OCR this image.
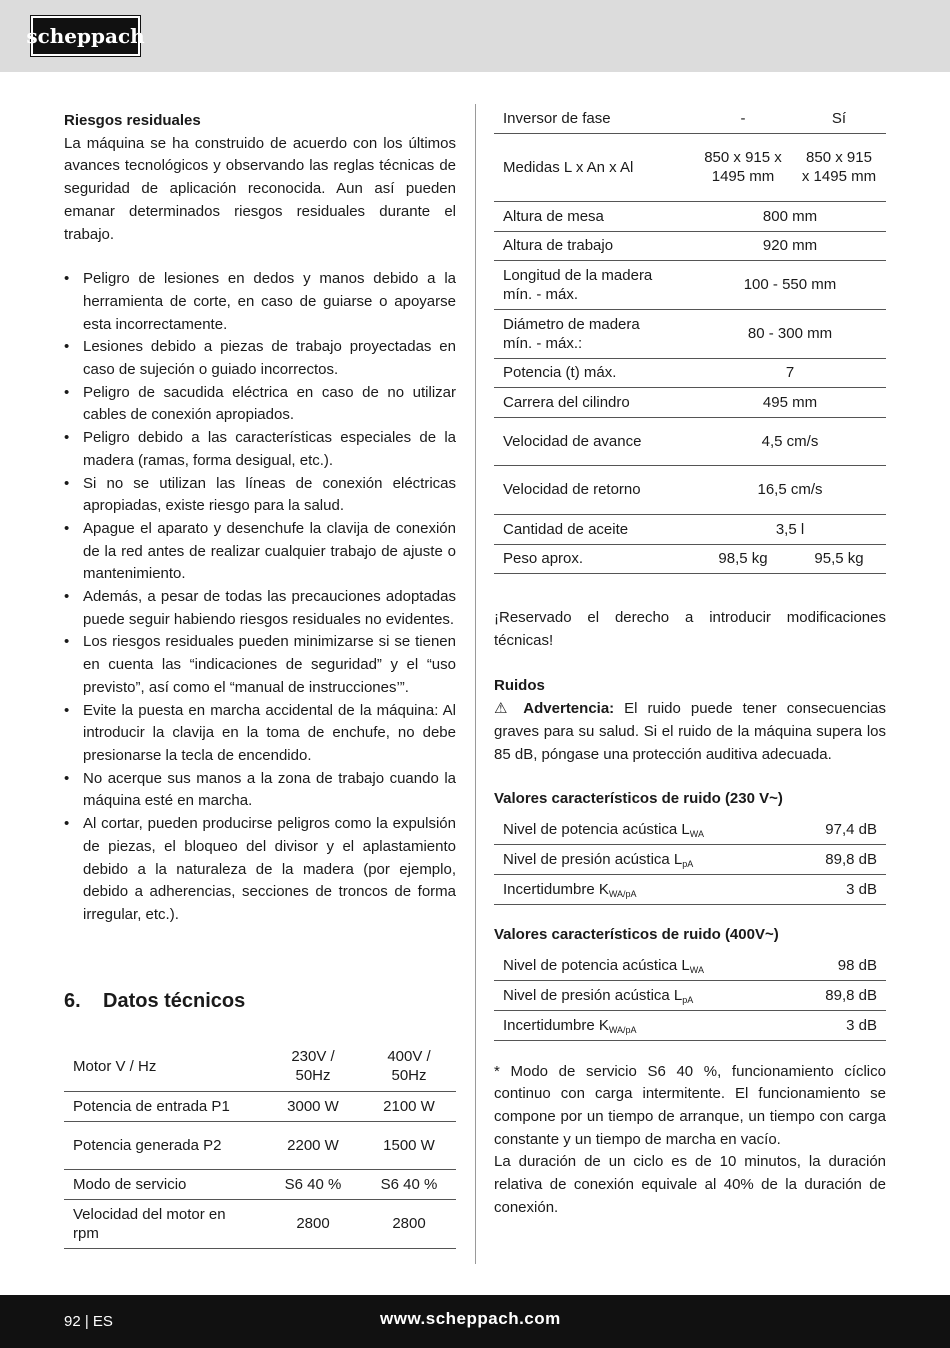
scheppach
Riesgos residuales

La máquina se ha construido de acuerdo con los últimos avances tecnológicos y observando las reglas técnicas de seguridad de aplicación reconocida. Aun así pueden emanar determinados riesgos residuales durante el trabajo.

• Peligro de lesiones en dedos y manos debido a la herramienta de corte, en caso de guiarse o apoyarse esta incorrectamente.
• Lesiones debido a piezas de trabajo proyectadas en caso de sujeción o guiado incorrectos.
• Peligro de sacudida eléctrica en caso de no utilizar cables de conexión apropiados.
• Peligro debido a las características especiales de la madera (ramas, forma desigual, etc.).
• Si no se utilizan las líneas de conexión eléctricas apropiadas, existe riesgo para la salud.
• Apague el aparato y desenchufe la clavija de conexión de la red antes de realizar cualquier trabajo de ajuste o mantenimiento.
• Además, a pesar de todas las precauciones adoptadas puede seguir habiendo riesgos residuales no evidentes.
• Los riesgos residuales pueden minimizarse si se tienen en cuenta las “indicaciones de seguridad” y el “uso previsto”, así como el “manual de instrucciones’”.
• Evite la puesta en marcha accidental de la máquina: Al introducir la clavija en la toma de enchufe, no debe presionarse la tecla de encendido.
• No acerque sus manos a la zona de trabajo cuando la máquina esté en marcha.
• Al cortar, pueden producirse peligros como la expulsión de piezas, el bloqueo del divisor y el aplastamiento debido a la naturaleza de la madera (por ejemplo, debido a adherencias, secciones de troncos de forma irregular, etc.).
6. Datos técnicos
Motor V / Hz	230V / 50Hz	400V / 50Hz
Potencia de entrada P1	3000 W	2100 W
Potencia generada P2	2200 W	1500 W
Modo de servicio	S6 40 %	S6 40 %
Velocidad del motor en rpm	2800	2800
Inversor de fase	-	Sí
Medidas L x An x Al	850 x 915 x 1495 mm	850 x 915 x 1495 mm
Altura de mesa	800 mm	
Altura de trabajo	920 mm	
Longitud de la madera mín. - máx.	100 - 550 mm	
Diámetro de madera mín. - máx.:	80 - 300 mm	
Potencia (t) máx.	7	
Carrera del cilindro	495 mm	
Velocidad de avance	4,5 cm/s	
Velocidad de retorno	16,5 cm/s	
Cantidad de aceite	3,5 l	
Peso aprox.	98,5 kg	95,5 kg

¡Reservado el derecho a introducir modificaciones técnicas!

Ruidos

⚠ Advertencia: El ruido puede tener consecuencias graves para su salud. Si el ruido de la máquina supera los 85 dB, póngase una protección auditiva adecuada.

Valores característicos de ruido (230 V~)
Nivel de potencia acústica $L_{WA}$	97,4 dB
Nivel de presión acústica $L_{pA}$	89,8 dB
Incertidumbre $K_{WA/pA}$	3 dB
Valores característicos de ruido (400V~)
Nivel de potencia acústica $L_{WA}$	98 dB
Nivel de presión acústica $L_{pA}$	89,8 dB
Incertidumbre $K_{WA/pA}$	3 dB

* Modo de servicio S6 40 %, funcionamiento cíclico continuo con carga intermitente. El funcionamiento se compone por un tiempo de arranque, un tiempo con carga constante y un tiempo de marcha en vacío.

La duración de un ciclo es de 10 minutos, la duración relativa de conexión equivale al 40% de la duración de conexión.

92 | ES	www.scheppach.com
